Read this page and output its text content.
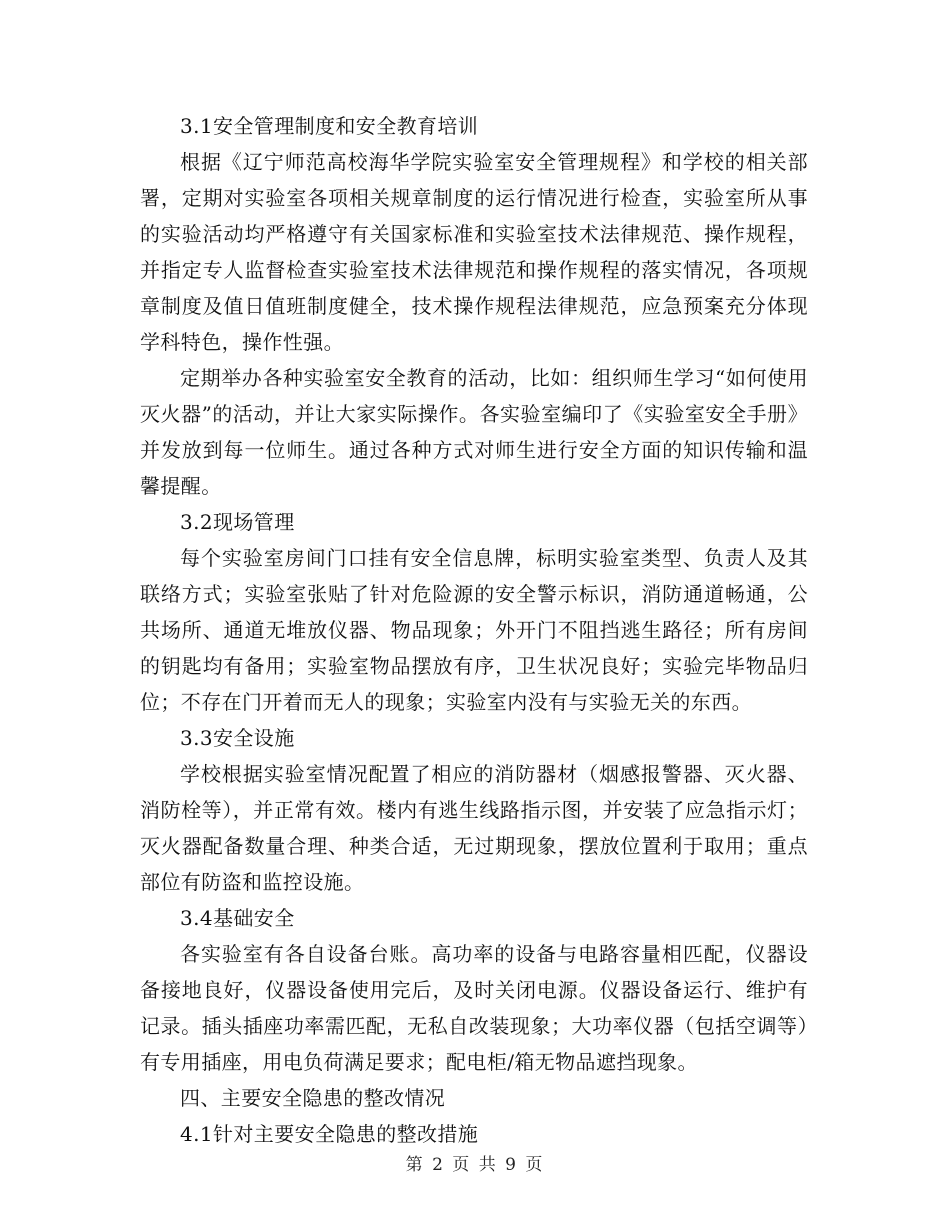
3.1安全管理制度和安全教育培训

根据《辽宁师范高校海华学院实验室安全管理规程》和学校的相关部署，定期对实验室各项相关规章制度的运行情况进行检查，实验室所从事的实验活动均严格遵守有关国家标准和实验室技术法律规范、操作规程，并指定专人监督检查实验室技术法律规范和操作规程的落实情况，各项规章制度及值日值班制度健全，技术操作规程法律规范，应急预案充分体现学科特色，操作性强。

定期举办各种实验室安全教育的活动，比如：组织师生学习“如何使用灭火器”的活动，并让大家实际操作。各实验室编印了《实验室安全手册》并发放到每一位师生。通过各种方式对师生进行安全方面的知识传输和温馨提醒。

3.2现场管理

每个实验室房间门口挂有安全信息牌，标明实验室类型、负责人及其联络方式；实验室张贴了针对危险源的安全警示标识，消防通道畅通，公共场所、通道无堆放仪器、物品现象；外开门不阻挡逃生路径；所有房间的钥匙均有备用；实验室物品摆放有序，卫生状况良好；实验完毕物品归位；不存在门开着而无人的现象；实验室内没有与实验无关的东西。

3.3安全设施

学校根据实验室情况配置了相应的消防器材（烟感报警器、灭火器、消防栓等），并正常有效。楼内有逃生线路指示图，并安装了应急指示灯；灭火器配备数量合理、种类合适，无过期现象，摆放位置利于取用；重点部位有防盗和监控设施。

3.4基础安全

各实验室有各自设备台账。高功率的设备与电路容量相匹配，仪器设备接地良好，仪器设备使用完后，及时关闭电源。仪器设备运行、维护有记录。插头插座功率需匹配，无私自改装现象；大功率仪器（包括空调等）有专用插座，用电负荷满足要求；配电柜/箱无物品遮挡现象。

四、主要安全隐患的整改情况

4.1针对主要安全隐患的整改措施

第 2 页 共 9 页
